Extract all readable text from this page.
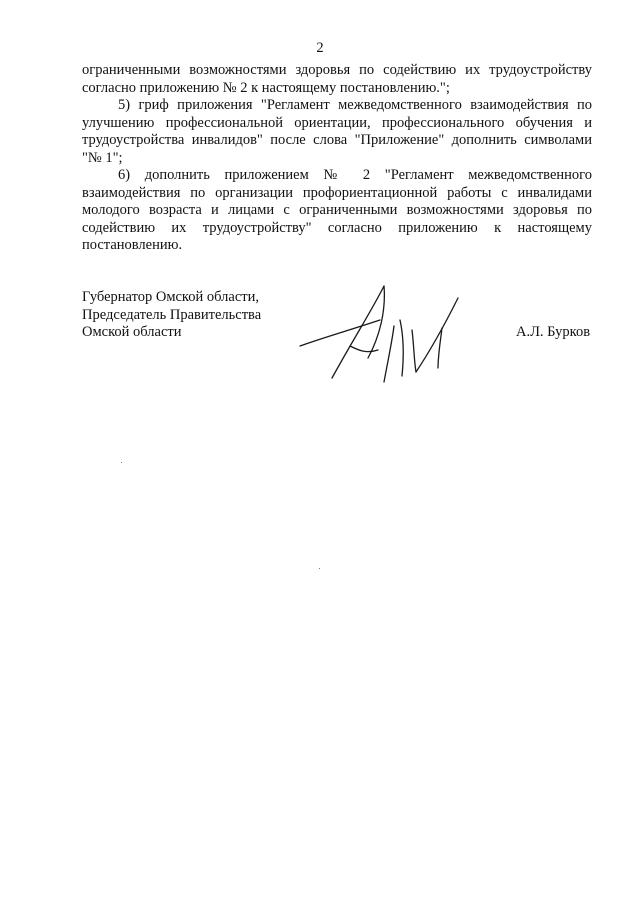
2

ограниченными возможностями здоровья по содействию их трудоустройству согласно приложению № 2 к настоящему постановлению.";

5) гриф приложения "Регламент межведомственного взаимодействия по улучшению профессиональной ориентации, профессионального обучения и трудоустройства инвалидов" после слова "Приложение" дополнить символами "№ 1";

6) дополнить приложением № 2 "Регламент межведомственного взаимодействия по организации профориентационной работы с инвалидами молодого возраста и лицами с ограниченными возможностями здоровья по содействию их трудоустройству" согласно приложению к настоящему постановлению.

Губернатор Омской области,
Председатель Правительства
Омской области	А.Л. Бурков
